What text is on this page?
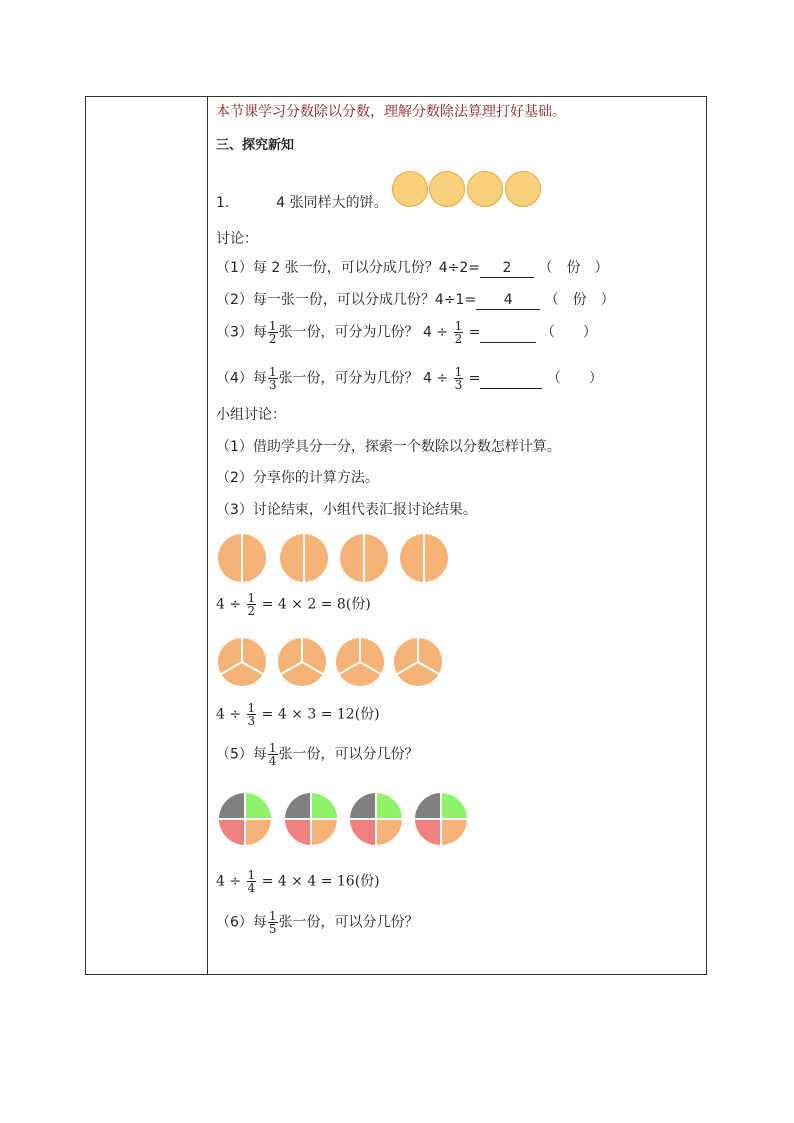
本节课学习分数除以分数，理解分数除法算理打好基础。
三、探究新知
1.	4 张同样大的饼。
讨论：
（1）每 2 张一份，可以分成几份？4÷2= 2 （　份　）
（2）每一张一份，可以分成几份？4÷1= 4 （　份　）
（3）每 $\frac{1}{2}$ 张一份，可分为几份？ $4 \div \frac{1}{2}$ =	（　　）
（4）每 $\frac{1}{3}$ 张一份，可分为几份？ $4 \div \frac{1}{3}$ =	（　　）
小组讨论：
（1）借助学具分一分，探索一个数除以分数怎样计算。
（2）分享你的计算方法。
（3）讨论结束，小组代表汇报讨论结果。
$4 \div \frac{1}{2} = 4 \times 2 = 8$(份)
$4 \div \frac{1}{3} = 4 \times 3 = 12$(份)
（5）每 $\frac{1}{4}$ 张一份，可以分几份？
$4 \div \frac{1}{4} = 4 \times 4 = 16$(份)
（6）每 $\frac{1}{5}$ 张一份，可以分几份？
